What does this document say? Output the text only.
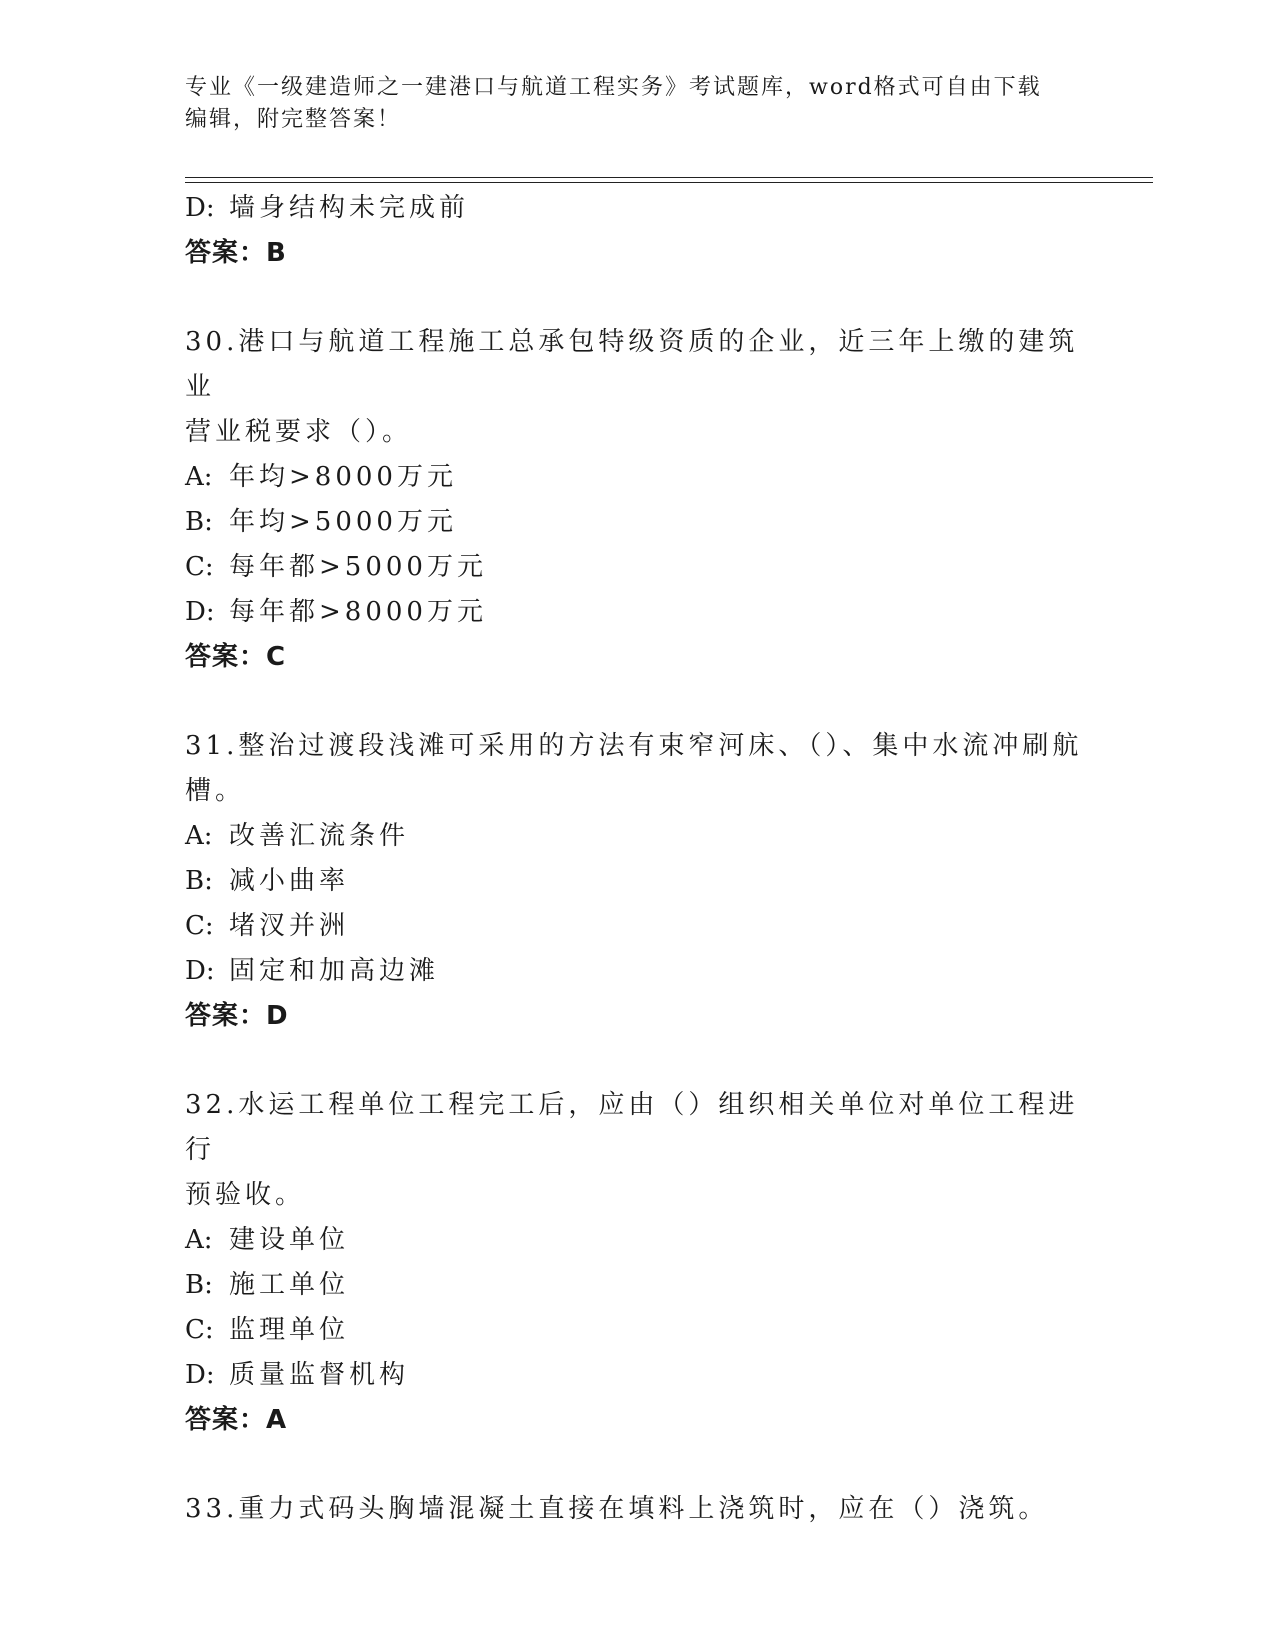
专业《一级建造师之一建港口与航道工程实务》考试题库，word格式可自由下载
编辑，附完整答案！
D: 墙身结构未完成前
答案：B
30.港口与航道工程施工总承包特级资质的企业，近三年上缴的建筑业
营业税要求（）。
A: 年均>8000万元
B: 年均>5000万元
C: 每年都>5000万元
D: 每年都>8000万元
答案：C
31.整治过渡段浅滩可采用的方法有束窄河床、（）、集中水流冲刷航
槽。
A: 改善汇流条件
B: 减小曲率
C: 堵汊并洲
D: 固定和加高边滩
答案：D
32.水运工程单位工程完工后，应由（）组织相关单位对单位工程进行
预验收。
A: 建设单位
B: 施工单位
C: 监理单位
D: 质量监督机构
答案：A
33.重力式码头胸墙混凝土直接在填料上浇筑时，应在（）浇筑。
